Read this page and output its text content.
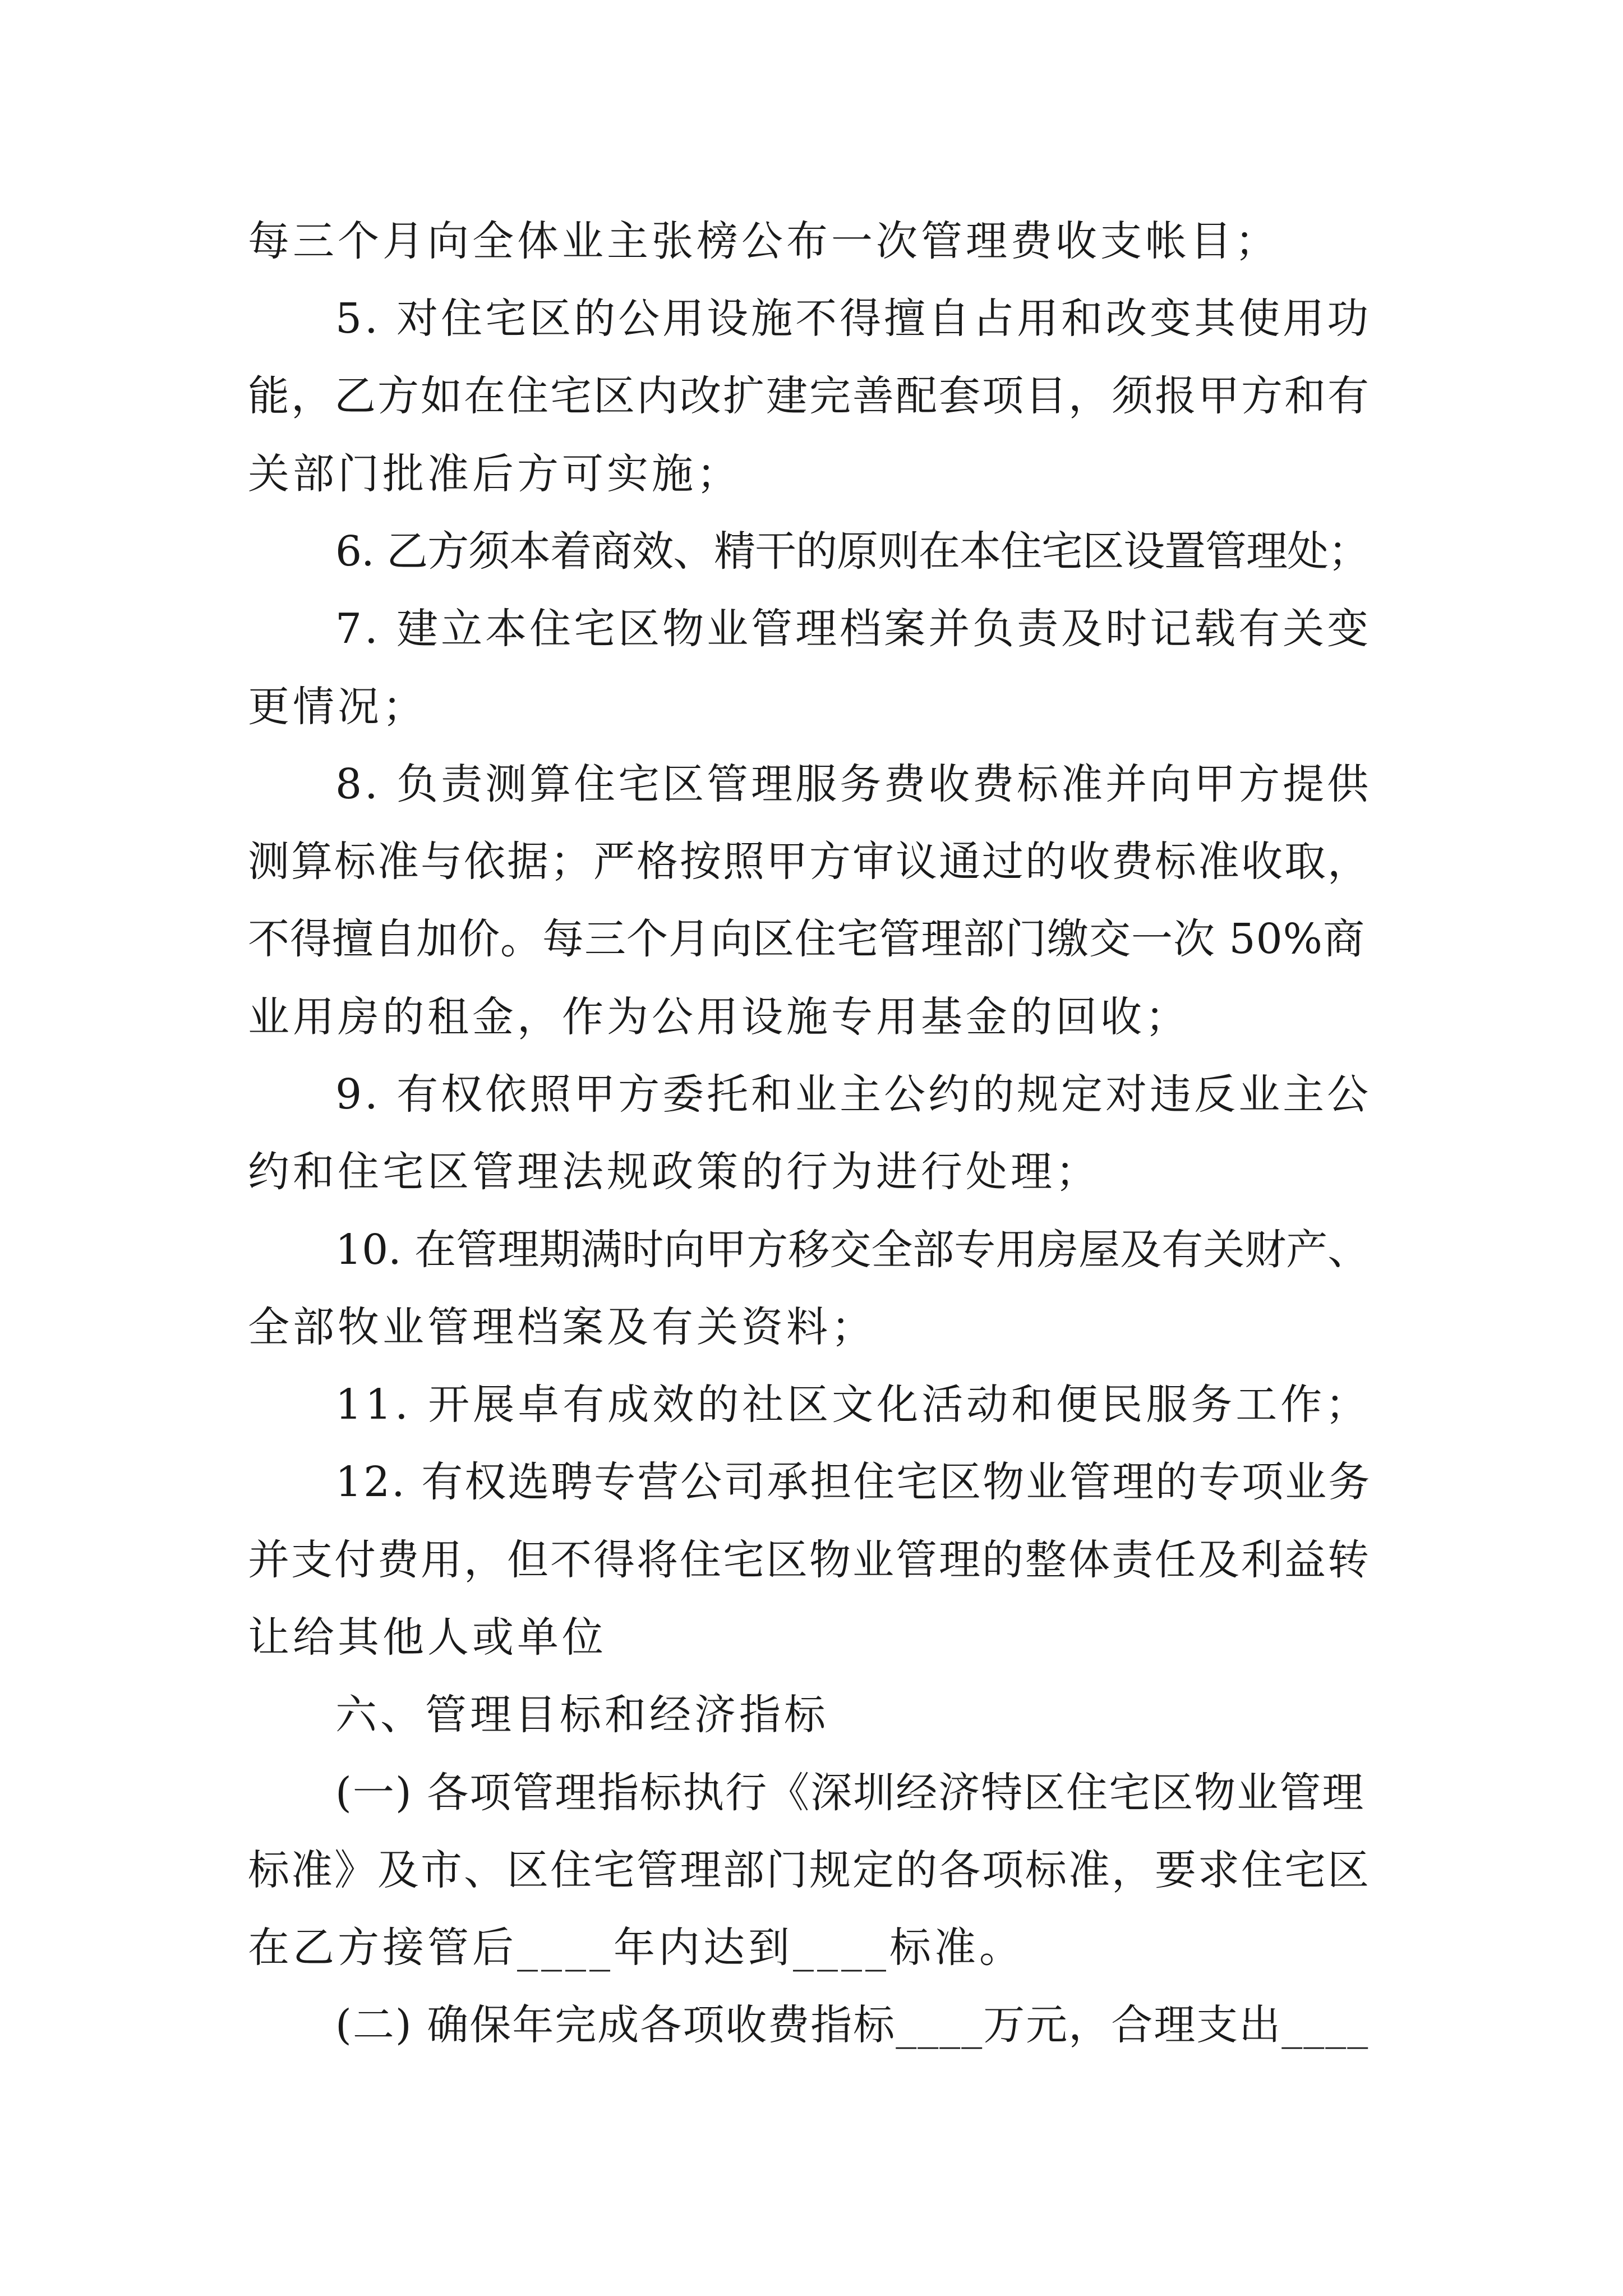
每三个月向全体业主张榜公布一次管理费收支帐目；
5. 对住宅区的公用设施不得擅自占用和改变其使用功
能，乙方如在住宅区内改扩建完善配套项目，须报甲方和有
关部门批准后方可实施；
6. 乙方须本着商效、精干的原则在本住宅区设置管理处；
7. 建立本住宅区物业管理档案并负责及时记载有关变
更情况；
8. 负责测算住宅区管理服务费收费标准并向甲方提供
测算标准与依据；严格按照甲方审议通过的收费标准收取，
不得擅自加价。每三个月向区住宅管理部门缴交一次 50%商
业用房的租金，作为公用设施专用基金的回收；
9. 有权依照甲方委托和业主公约的规定对违反业主公
约和住宅区管理法规政策的行为进行处理；
10. 在管理期满时向甲方移交全部专用房屋及有关财产、
全部牧业管理档案及有关资料；
11. 开展卓有成效的社区文化活动和便民服务工作；
12. 有权选聘专营公司承担住宅区物业管理的专项业务
并支付费用，但不得将住宅区物业管理的整体责任及利益转
让给其他人或单位
六、管理目标和经济指标
(一) 各项管理指标执行《深圳经济特区住宅区物业管理
标准》及市、区住宅管理部门规定的各项标准，要求住宅区
在乙方接管后____年内达到____标准。
(二) 确保年完成各项收费指标____万元，合理支出____
